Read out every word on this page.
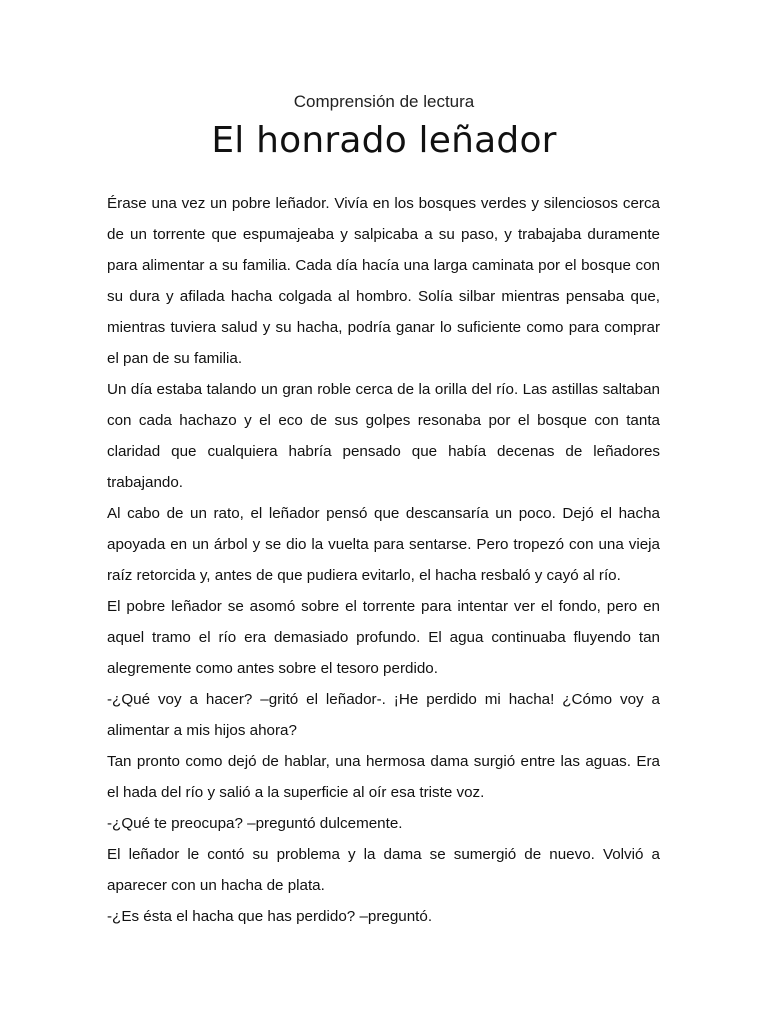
Comprensión de lectura
El honrado leñador

Érase una vez un pobre leñador. Vivía en los bosques verdes y silenciosos cerca de un torrente que espumajeaba y salpicaba a su paso, y trabajaba duramente para alimentar a su familia. Cada día hacía una larga caminata por el bosque con su dura y afilada hacha colgada al hombro. Solía silbar mientras pensaba que, mientras tuviera salud y su hacha, podría ganar lo suficiente como para comprar el pan de su familia.

Un día estaba talando un gran roble cerca de la orilla del río. Las astillas saltaban con cada hachazo y el eco de sus golpes resonaba por el bosque con tanta claridad que cualquiera habría pensado que había decenas de leñadores trabajando.

Al cabo de un rato, el leñador pensó que descansaría un poco. Dejó el hacha apoyada en un árbol y se dio la vuelta para sentarse. Pero tropezó con una vieja raíz retorcida y, antes de que pudiera evitarlo, el hacha resbaló y cayó al río.

El pobre leñador se asomó sobre el torrente para intentar ver el fondo, pero en aquel tramo el río era demasiado profundo. El agua continuaba fluyendo tan alegremente como antes sobre el tesoro perdido.

-¿Qué voy a hacer? –gritó el leñador-. ¡He perdido mi hacha! ¿Cómo voy a alimentar a mis hijos ahora?

Tan pronto como dejó de hablar, una hermosa dama surgió entre las aguas. Era el hada del río y salió a la superficie al oír esa triste voz.

-¿Qué te preocupa? –preguntó dulcemente.

El leñador le contó su problema y la dama se sumergió de nuevo. Volvió a aparecer con un hacha de plata.

-¿Es ésta el hacha que has perdido? –preguntó.
